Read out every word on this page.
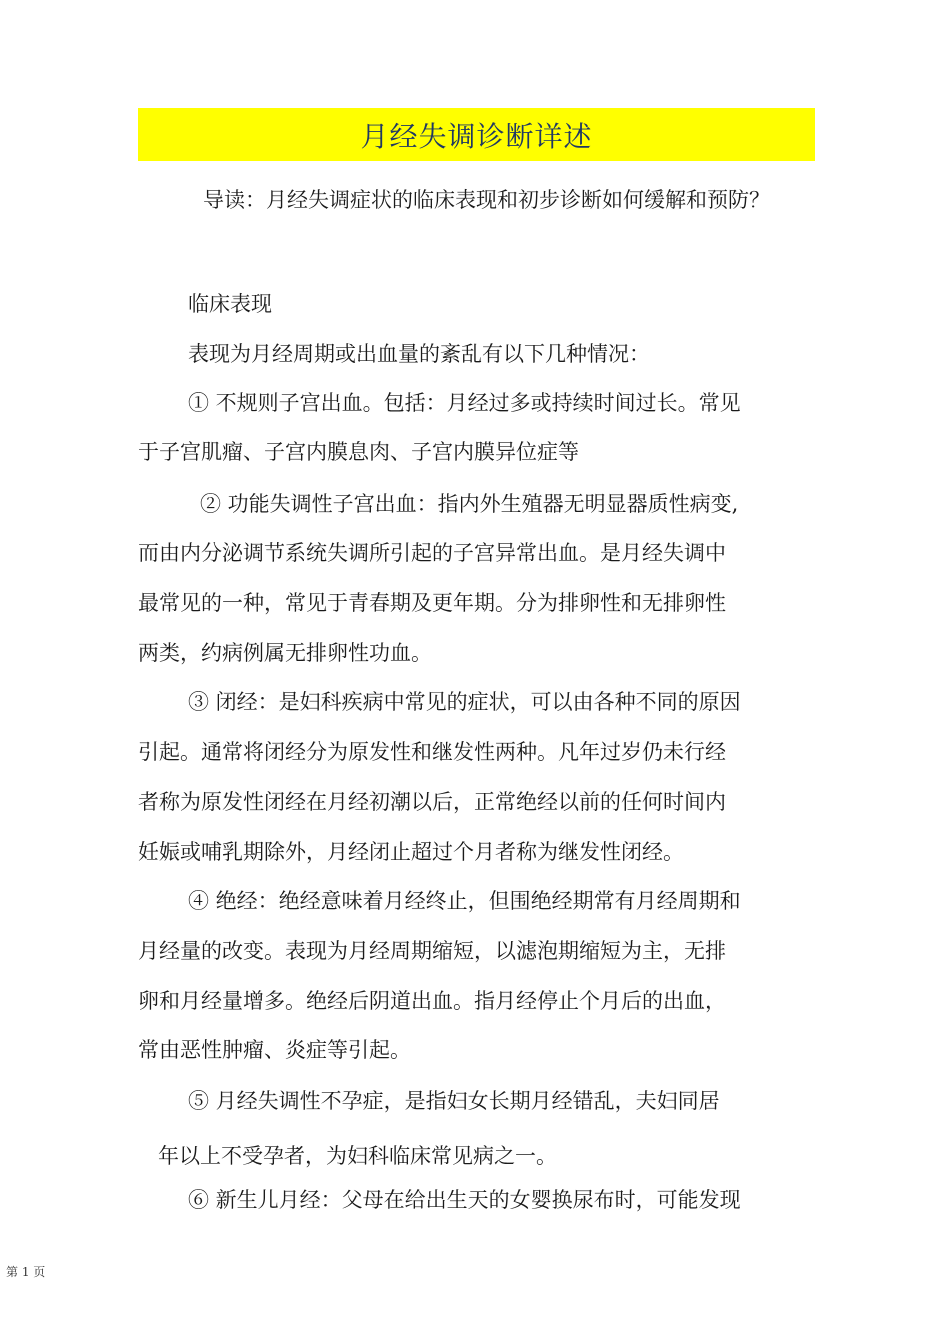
月经失调诊断详述
导读：月经失调症状的临床表现和初步诊断如何缓解和预防？
临床表现
表现为月经周期或出血量的紊乱有以下几种情况：
① 不规则子宫出血。包括：月经过多或持续时间过长。常见
于子宫肌瘤、子宫内膜息肉、子宫内膜异位症等
② 功能失调性子宫出血：指内外生殖器无明显器质性病变,
而由内分泌调节系统失调所引起的子宫异常出血。是月经失调中
最常见的一种，常见于青春期及更年期。分为排卵性和无排卵性
两类，约病例属无排卵性功血。
③ 闭经：是妇科疾病中常见的症状，可以由各种不同的原因
引起。通常将闭经分为原发性和继发性两种。凡年过岁仍未行经
者称为原发性闭经在月经初潮以后，正常绝经以前的任何时间内
妊娠或哺乳期除外，月经闭止超过个月者称为继发性闭经。
④ 绝经：绝经意味着月经终止，但围绝经期常有月经周期和
月经量的改变。表现为月经周期缩短，以滤泡期缩短为主，无排
卵和月经量增多。绝经后阴道出血。指月经停止个月后的出血，
常由恶性肿瘤、炎症等引起。
⑤ 月经失调性不孕症，是指妇女长期月经错乱，夫妇同居
年以上不受孕者，为妇科临床常见病之一。
⑥ 新生儿月经：父母在给出生天的女婴换尿布时，可能发现
第 1 页
